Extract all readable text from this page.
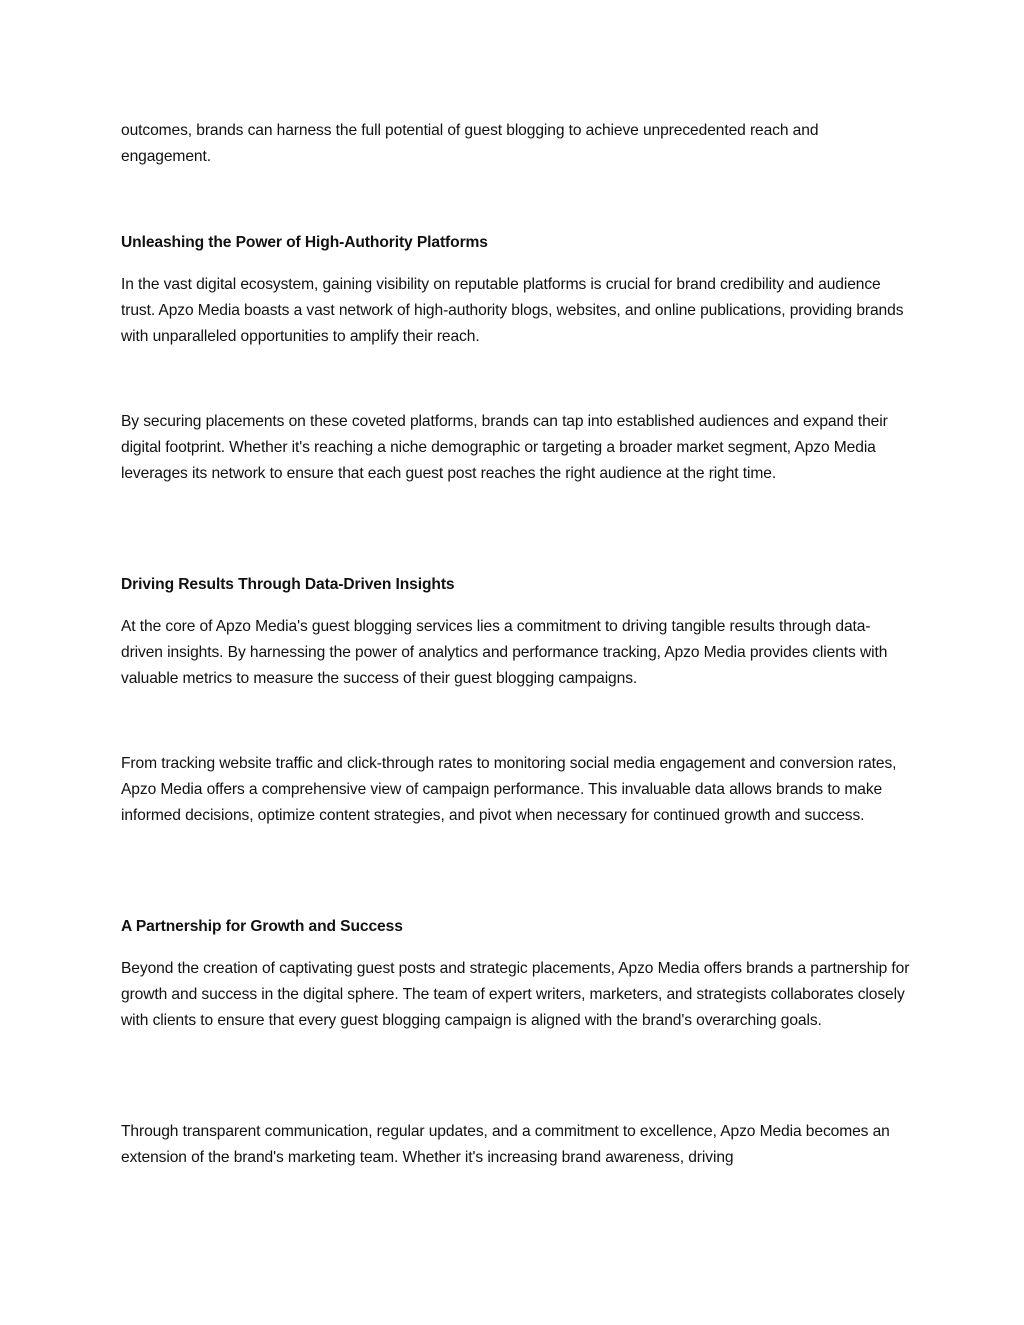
outcomes, brands can harness the full potential of guest blogging to achieve unprecedented reach and engagement.

Unleashing the Power of High-Authority Platforms

In the vast digital ecosystem, gaining visibility on reputable platforms is crucial for brand credibility and audience trust. Apzo Media boasts a vast network of high-authority blogs, websites, and online publications, providing brands with unparalleled opportunities to amplify their reach.

By securing placements on these coveted platforms, brands can tap into established audiences and expand their digital footprint. Whether it's reaching a niche demographic or targeting a broader market segment, Apzo Media leverages its network to ensure that each guest post reaches the right audience at the right time.

Driving Results Through Data-Driven Insights

At the core of Apzo Media's guest blogging services lies a commitment to driving tangible results through data-driven insights. By harnessing the power of analytics and performance tracking, Apzo Media provides clients with valuable metrics to measure the success of their guest blogging campaigns.

From tracking website traffic and click-through rates to monitoring social media engagement and conversion rates, Apzo Media offers a comprehensive view of campaign performance. This invaluable data allows brands to make informed decisions, optimize content strategies, and pivot when necessary for continued growth and success.

A Partnership for Growth and Success

Beyond the creation of captivating guest posts and strategic placements, Apzo Media offers brands a partnership for growth and success in the digital sphere. The team of expert writers, marketers, and strategists collaborates closely with clients to ensure that every guest blogging campaign is aligned with the brand's overarching goals.

Through transparent communication, regular updates, and a commitment to excellence, Apzo Media becomes an extension of the brand's marketing team. Whether it's increasing brand awareness, driving
